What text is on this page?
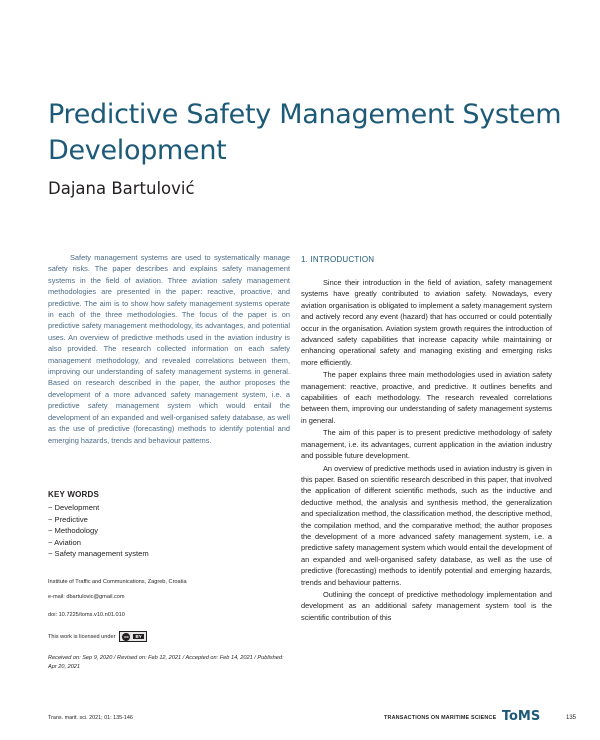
Predictive Safety Management System Development

Dajana Bartulović

Safety management systems are used to systematically manage safety risks. The paper describes and explains safety management systems in the field of aviation. Three aviation safety management methodologies are presented in the paper: reactive, proactive, and predictive. The aim is to show how safety management systems operate in each of the three methodologies. The focus of the paper is on predictive safety management methodology, its advantages, and potential uses. An overview of predictive methods used in the aviation industry is also provided. The research collected information on each safety management methodology, and revealed correlations between them, improving our understanding of safety management systems in general. Based on research described in the paper, the author proposes the development of a more advanced safety management system, i.e. a predictive safety management system which would entail the development of an expanded and well-organised safety database, as well as the use of predictive (forecasting) methods to identify potential and emerging hazards, trends and behaviour patterns.

KEY WORDS
~ Development
~ Predictive
~ Methodology
~ Aviation
~ Safety management system

Institute of Traffic and Communications, Zagreb, Croatia

e-mail: dbartulovic@gmail.com

doi: 10.7225/toms.v10.n01.010

This work is licensed under	cc	BY

Received on: Sep 9, 2020 / Revised on: Feb 12, 2021 / Accepted on: Feb 14, 2021 / Published: Apr 20, 2021

1. INTRODUCTION

Since their introduction in the field of aviation, safety management systems have greatly contributed to aviation safety. Nowadays, every aviation organisation is obligated to implement a safety management system and actively record any event (hazard) that has occurred or could potentially occur in the organisation. Aviation system growth requires the introduction of advanced safety capabilities that increase capacity while maintaining or enhancing operational safety and managing existing and emerging risks more efficiently.

The paper explains three main methodologies used in aviation safety management: reactive, proactive, and predictive. It outlines benefits and capabilities of each methodology. The research revealed correlations between them, improving our understanding of safety management systems in general.

The aim of this paper is to present predictive methodology of safety management, i.e. its advantages, current application in the aviation industry and possible future development.

An overview of predictive methods used in aviation industry is given in this paper. Based on scientific research described in this paper, that involved the application of different scientific methods, such as the inductive and deductive method, the analysis and synthesis method, the generalization and specialization method, the classification method, the descriptive method, the compilation method, and the comparative method; the author proposes the development of a more advanced safety management system, i.e. a predictive safety management system which would entail the development of an expanded and well-organised safety database, as well as the use of predictive (forecasting) methods to identify potential and emerging hazards, trends and behaviour patterns.

Outlining the concept of predictive methodology implementation and development as an additional safety management system tool is the scientific contribution of this

Trans. marit. sci. 2021; 01: 135-146	TRANSACTIONS ON MARITIME SCIENCE ToMS	135
